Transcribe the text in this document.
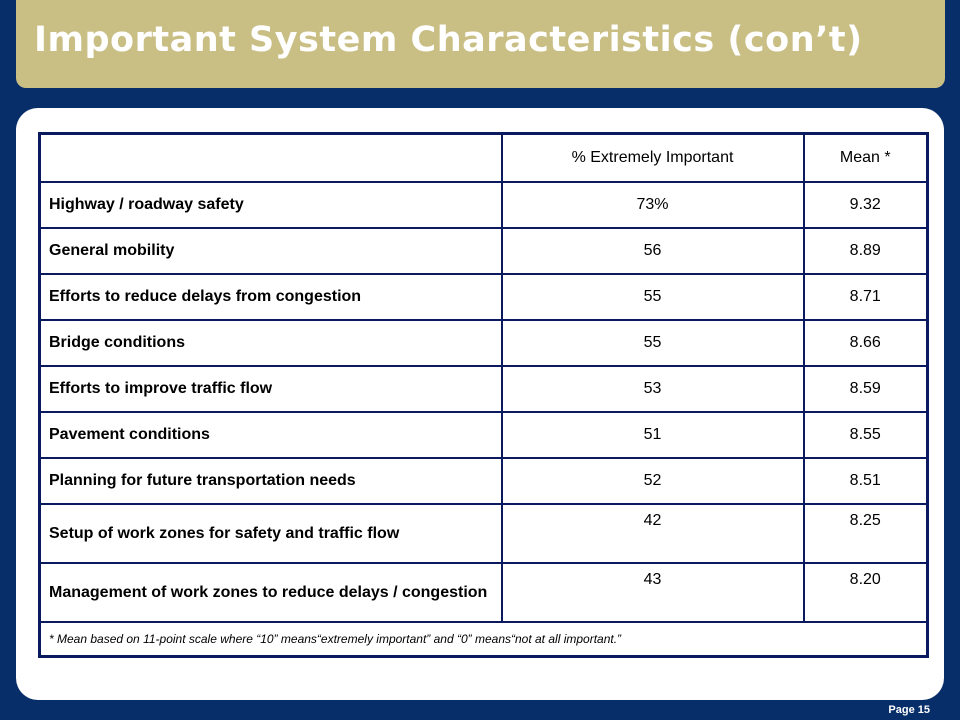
Important System Characteristics (con’t)
	% Extremely Important	Mean *
Highway / roadway safety	73%	9.32
General mobility	56	8.89
Efforts to reduce delays from congestion	55	8.71
Bridge conditions	55	8.66
Efforts to improve traffic flow	53	8.59
Pavement conditions	51	8.55
Planning for future transportation needs	52	8.51
Setup of work zones for safety and traffic flow	42	8.25
Management of work zones to reduce delays / congestion	43	8.20
* Mean based on 11-point scale where “10” means“extremely important” and “0” means“not at all important.”		
Page 15
